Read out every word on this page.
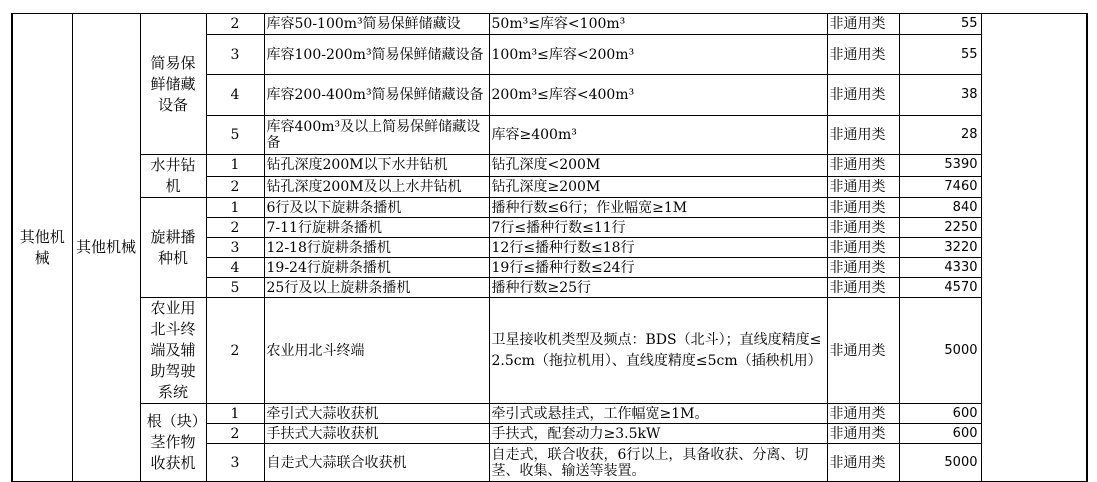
其他机械	其他机械	简易保鲜储藏设备	2	库容50-100m³简易保鲜储藏设	50m³≤库容<100m³	非通用类	55	
			3	库容100-200m³简易保鲜储藏设备	100m³≤库容<200m³	非通用类	55	
			4	库容200-400m³简易保鲜储藏设备	200m³≤库容<400m³	非通用类	38	
			5	库容400m³及以上简易保鲜储藏设备	库容≥400m³	非通用类	28	
		水井钻机	1	钻孔深度200M以下水井钻机	钻孔深度<200M	非通用类	5390	
			2	钻孔深度200M及以上水井钻机	钻孔深度≥200M	非通用类	7460	
		旋耕播种机	1	6行及以下旋耕条播机	播种行数≤6行；作业幅宽≥1M	非通用类	840	
			2	7-11行旋耕条播机	7行≤播种行数≤11行	非通用类	2250	
			3	12-18行旋耕条播机	12行≤播种行数≤18行	非通用类	3220	
			4	19-24行旋耕条播机	19行≤播种行数≤24行	非通用类	4330	
			5	25行及以上旋耕条播机	播种行数≥25行	非通用类	4570	
		农业用北斗终端及辅助驾驶系统	2	农业用北斗终端	卫星接收机类型及频点：BDS（北斗）；直线度精度≤2.5cm（拖拉机用）、直线度精度≤5cm（插秧机用）	非通用类	5000	
		根（块）茎作物收获机	1	牵引式大蒜收获机	牵引式或悬挂式，工作幅宽≥1M。	非通用类	600	
			2	手扶式大蒜收获机	手扶式，配套动力≥3.5kW	非通用类	600	
			3	自走式大蒜联合收获机	自走式，联合收获，6行以上，具备收获、分离、切茎、收集、输送等装置。	非通用类	5000	
